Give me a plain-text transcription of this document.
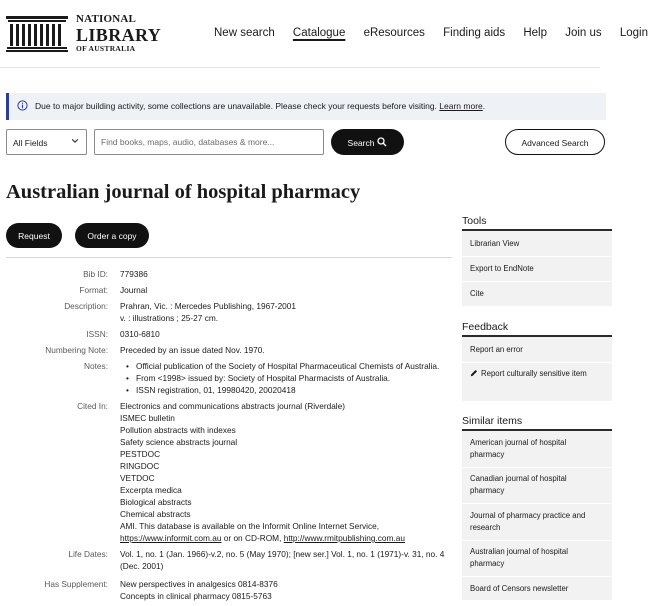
NATIONAL
LIBRARY
OF AUSTRALIA
New search Catalogue eResources Finding aids Help Join us Login
Due to major building activity, some collections are unavailable. Please check your requests before visiting. Learn more.
All Fields
Find books, maps, audio, databases & more...	Search	Advanced Search
Australian journal of hospital pharmacy
Request	Order a copy
Bib ID: 779386
Format: Journal
Description: Prahran, Vic. : Mercedes Publishing, 1967-2001
v. : illustrations ; 25-27 cm.
ISSN: 0310-6810
Numbering Note: Preceded by an issue dated Nov. 1970.
Notes:
•	Official publication of the Society of Hospital Pharmaceutical Chemists of Australia.
• From <1998> issued by: Society of Hospital Pharmacists of Australia.
• ISSN registration, 01, 19980420, 20020418
Cited In: Electronics and communications abstracts journal (Riverdale)
ISMEC bulletin
Pollution abstracts with indexes
Safety science abstracts journal
PESTDOC
RINGDOC
VETDOC
Excerpta medica
Biological abstracts
Chemical abstracts
AMI. This database is available on the Informit Online Internet Service,
https://www.informit.com.au or on CD-ROM, http://www.rmitpublishing.com.au
Life Dates: Vol. 1, no. 1 (Jan. 1966)-v.2, no. 5 (May 1970); [new ser.] Vol. 1, no. 1 (1971)-v. 31, no. 4
(Dec. 2001)
Has Supplement: New perspectives in analgesics 0814-8376
Concepts in clinical pharmacy 0815-5763
Tools
Librarian View
Export to EndNote
Cite
Feedback
Report an error
Report culturally sensitive item
Similar items
American journal of hospital pharmacy
Canadian journal of hospital pharmacy
Journal of pharmacy practice and research
Australian journal of hospital pharmacy
Board of Censors newsletter
